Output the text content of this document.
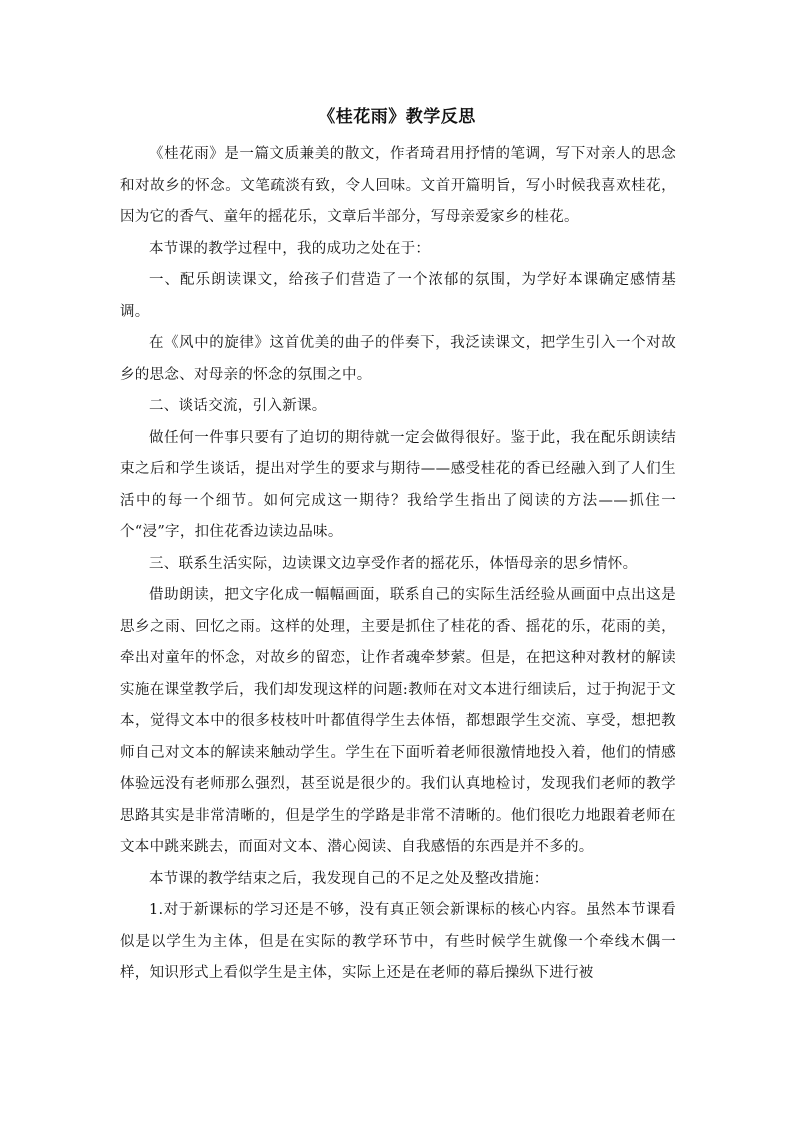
《桂花雨》教学反思

《桂花雨》是一篇文质兼美的散文，作者琦君用抒情的笔调，写下对亲人的思念和对故乡的怀念。文笔疏淡有致，令人回味。文首开篇明旨，写小时候我喜欢桂花，因为它的香气、童年的摇花乐，文章后半部分，写母亲爱家乡的桂花。

本节课的教学过程中，我的成功之处在于：

一、配乐朗读课文，给孩子们营造了一个浓郁的氛围，为学好本课确定感情基调。

在《风中的旋律》这首优美的曲子的伴奏下，我泛读课文，把学生引入一个对故乡的思念、对母亲的怀念的氛围之中。

二、谈话交流，引入新课。

做任何一件事只要有了迫切的期待就一定会做得很好。鉴于此，我在配乐朗读结束之后和学生谈话，提出对学生的要求与期待——感受桂花的香已经融入到了人们生活中的每一个细节。如何完成这一期待？我给学生指出了阅读的方法——抓住一个“浸”字，扣住花香边读边品味。

三、联系生活实际，边读课文边享受作者的摇花乐，体悟母亲的思乡情怀。

借助朗读，把文字化成一幅幅画面，联系自己的实际生活经验从画面中点出这是思乡之雨、回忆之雨。这样的处理，主要是抓住了桂花的香、摇花的乐，花雨的美，牵出对童年的怀念，对故乡的留恋，让作者魂牵梦萦。但是，在把这种对教材的解读实施在课堂教学后，我们却发现这样的问题:教师在对文本进行细读后，过于拘泥于文本，觉得文本中的很多枝枝叶叶都值得学生去体悟，都想跟学生交流、享受，想把教师自己对文本的解读来触动学生。学生在下面听着老师很激情地投入着，他们的情感体验远没有老师那么强烈，甚至说是很少的。我们认真地检讨，发现我们老师的教学思路其实是非常清晰的，但是学生的学路是非常不清晰的。他们很吃力地跟着老师在文本中跳来跳去，而面对文本、潜心阅读、自我感悟的东西是并不多的。

本节课的教学结束之后，我发现自己的不足之处及整改措施：

1.对于新课标的学习还是不够，没有真正领会新课标的核心内容。虽然本节课看似是以学生为主体，但是在实际的教学环节中，有些时候学生就像一个牵线木偶一样，知识形式上看似学生是主体，实际上还是在老师的幕后操纵下进行被
